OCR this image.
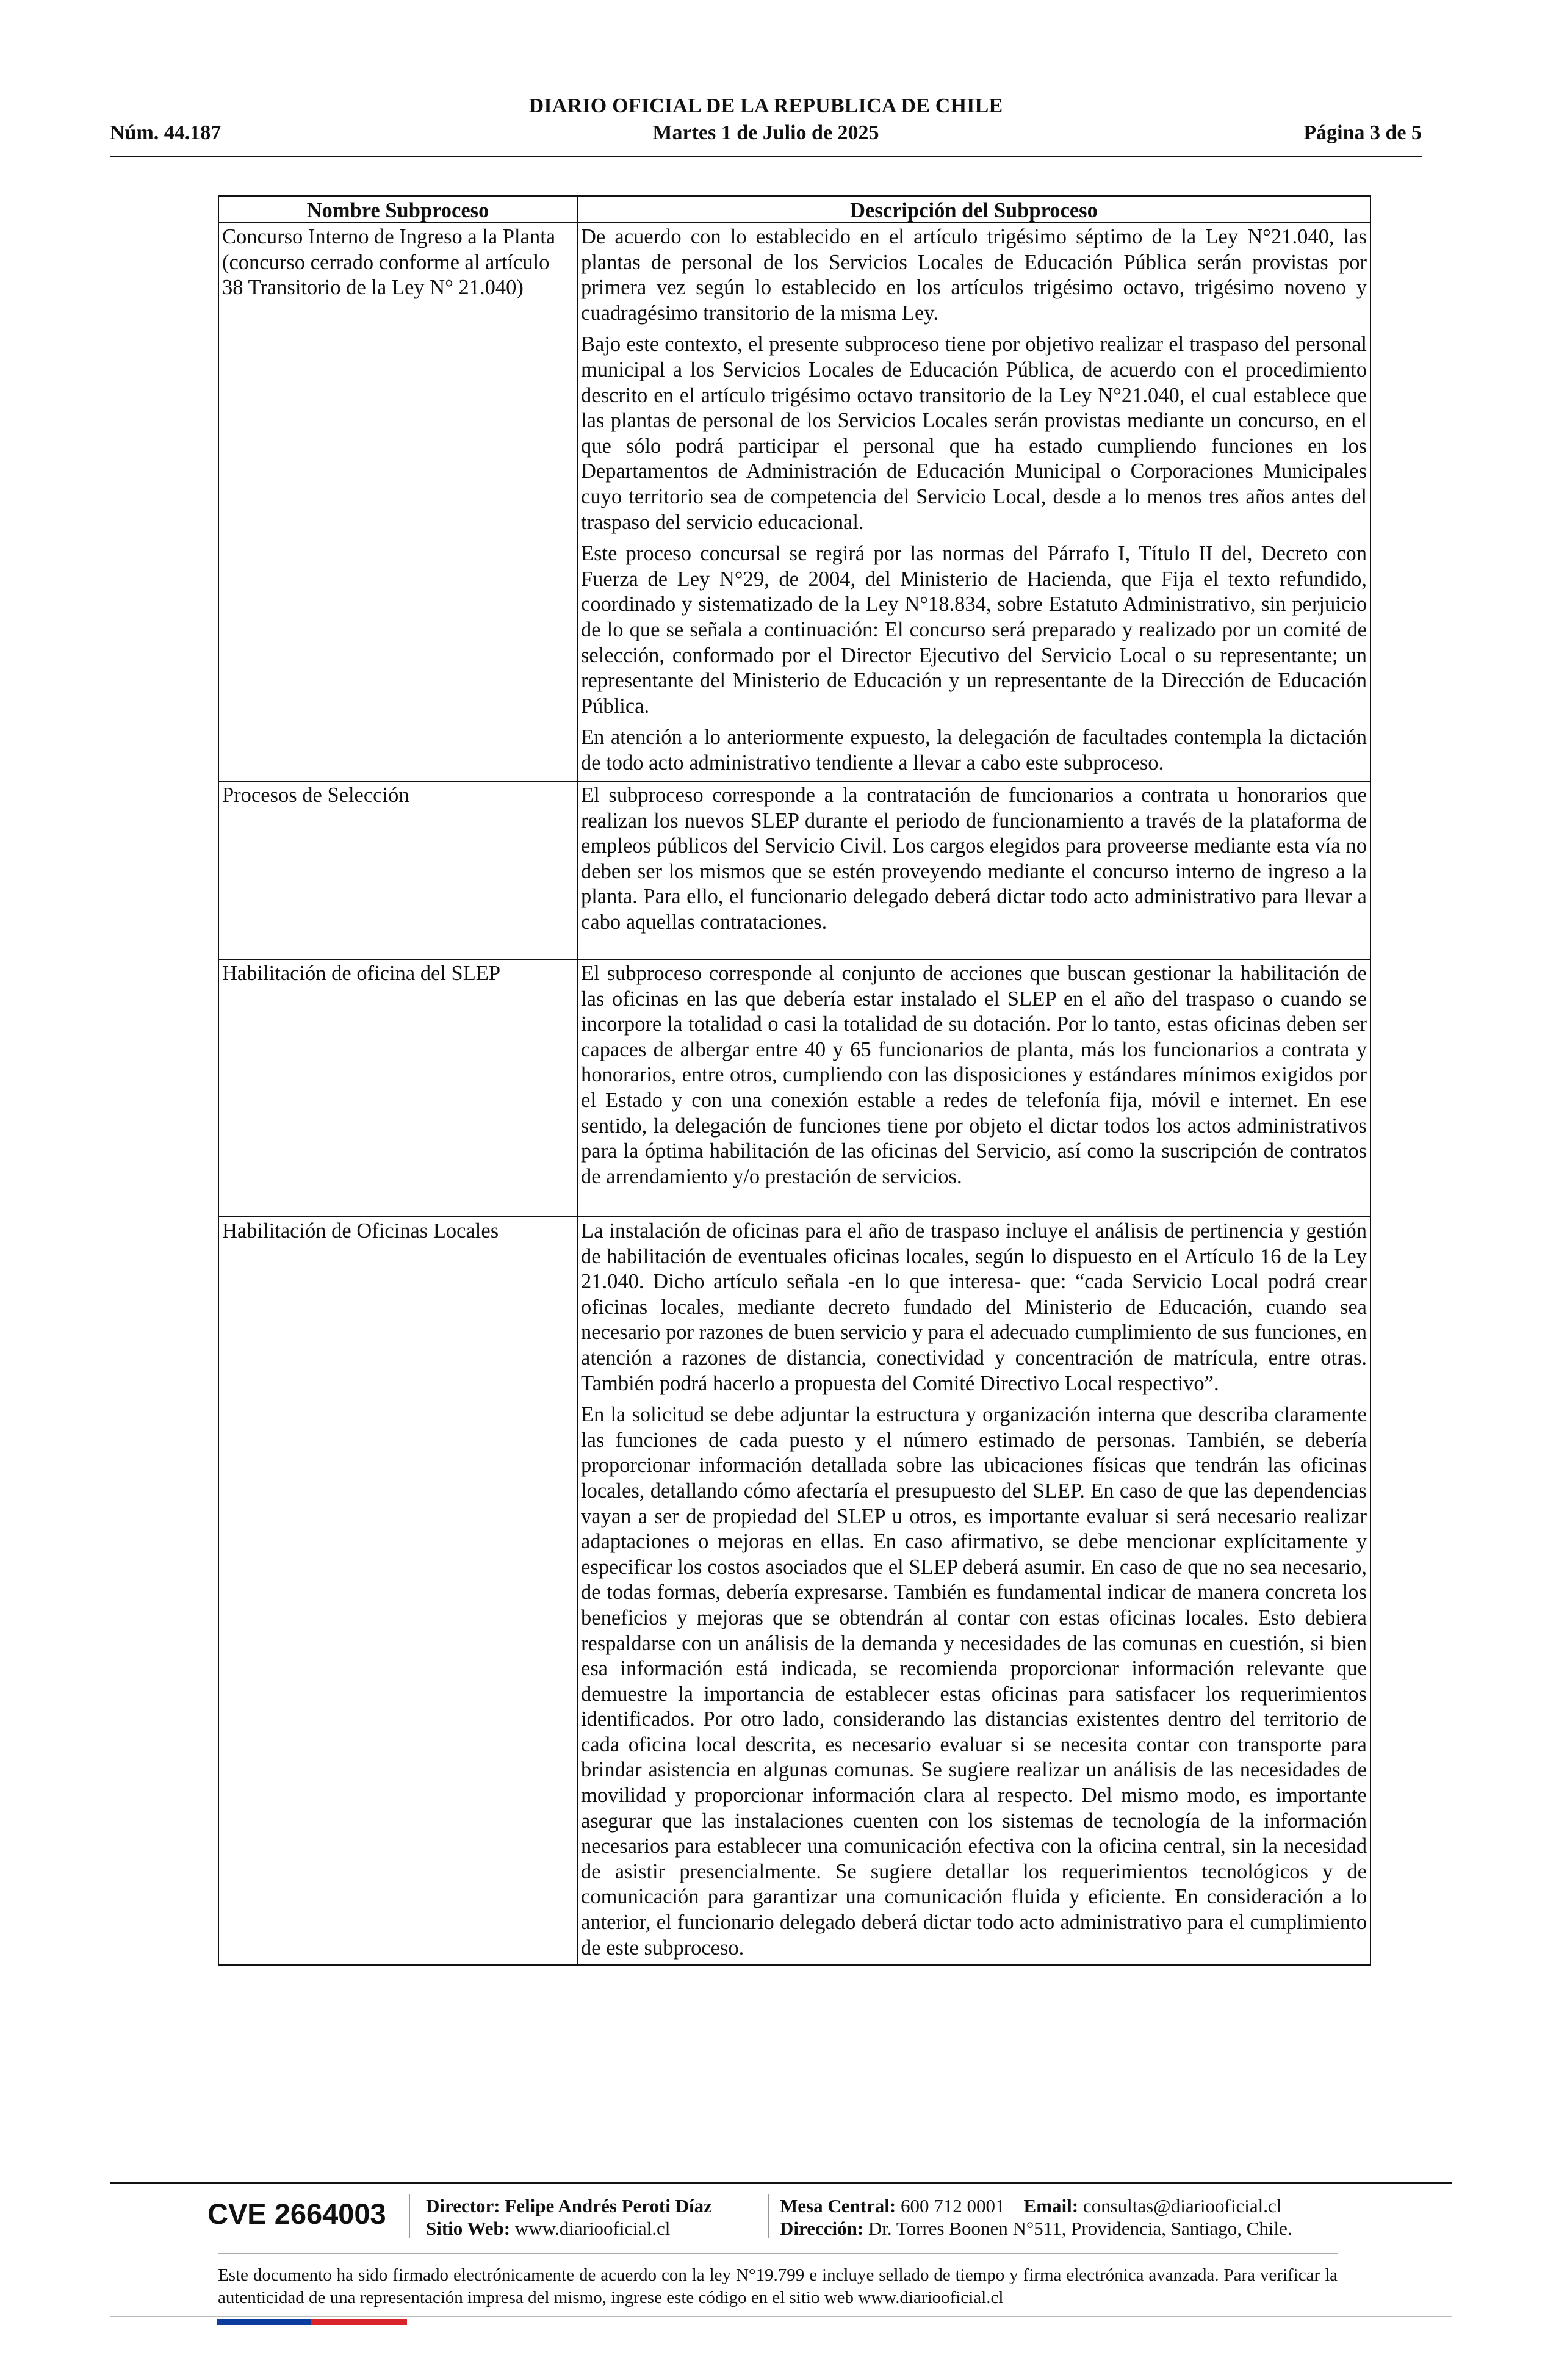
DIARIO OFICIAL DE LA REPUBLICA DE CHILE
Núm. 44.187	Martes 1 de Julio de 2025	Página 3 de 5
Nombre Subproceso	Descripción del Subproceso
Concurso Interno de Ingreso a la Planta (concurso cerrado conforme al artículo 38 Transitorio de la Ley N° 21.040)	De acuerdo con lo establecido en el artículo trigésimo séptimo de la Ley N°21.040, las plantas de personal de los Servicios Locales de Educación Pública serán provistas por primera vez según lo establecido en los artículos trigésimo octavo, trigésimo noveno y cuadragésimo transitorio de la misma Ley.

Bajo este contexto, el presente subproceso tiene por objetivo realizar el traspaso del personal municipal a los Servicios Locales de Educación Pública, de acuerdo con el procedimiento descrito en el artículo trigésimo octavo transitorio de la Ley N°21.040, el cual establece que las plantas de personal de los Servicios Locales serán provistas mediante un concurso, en el que sólo podrá participar el personal que ha estado cumpliendo funciones en los Departamentos de Administración de Educación Municipal o Corporaciones Municipales cuyo territorio sea de competencia del Servicio Local, desde a lo menos tres años antes del traspaso del servicio educacional.

Este proceso concursal se regirá por las normas del Párrafo I, Título II del, Decreto con Fuerza de Ley N°29, de 2004, del Ministerio de Hacienda, que Fija el texto refundido, coordinado y sistematizado de la Ley N°18.834, sobre Estatuto Administrativo, sin perjuicio de lo que se señala a continuación: El concurso será preparado y realizado por un comité de selección, conformado por el Director Ejecutivo del Servicio Local o su representante; un representante del Ministerio de Educación y un representante de la Dirección de Educación Pública.

En atención a lo anteriormente expuesto, la delegación de facultades contempla la dictación de todo acto administrativo tendiente a llevar a cabo este subproceso.

Procesos de Selección	El subproceso corresponde a la contratación de funcionarios a contrata u honorarios que realizan los nuevos SLEP durante el periodo de funcionamiento a través de la plataforma de empleos públicos del Servicio Civil. Los cargos elegidos para proveerse mediante esta vía no deben ser los mismos que se estén proveyendo mediante el concurso interno de ingreso a la planta. Para ello, el funcionario delegado deberá dictar todo acto administrativo para llevar a cabo aquellas contrataciones.

Habilitación de oficina del SLEP	El subproceso corresponde al conjunto de acciones que buscan gestionar la habilitación de las oficinas en las que debería estar instalado el SLEP en el año del traspaso o cuando se incorpore la totalidad o casi la totalidad de su dotación. Por lo tanto, estas oficinas deben ser capaces de albergar entre 40 y 65 funcionarios de planta, más los funcionarios a contrata y honorarios, entre otros, cumpliendo con las disposiciones y estándares mínimos exigidos por el Estado y con una conexión estable a redes de telefonía fija, móvil e internet. En ese sentido, la delegación de funciones tiene por objeto el dictar todos los actos administrativos para la óptima habilitación de las oficinas del Servicio, así como la suscripción de contratos de arrendamiento y/o prestación de servicios.

Habilitación de Oficinas Locales	La instalación de oficinas para el año de traspaso incluye el análisis de pertinencia y gestión de habilitación de eventuales oficinas locales, según lo dispuesto en el Artículo 16 de la Ley 21.040. Dicho artículo señala -en lo que interesa- que: “cada Servicio Local podrá crear oficinas locales, mediante decreto fundado del Ministerio de Educación, cuando sea necesario por razones de buen servicio y para el adecuado cumplimiento de sus funciones, en atención a razones de distancia, conectividad y concentración de matrícula, entre otras. También podrá hacerlo a propuesta del Comité Directivo Local respectivo”.

En la solicitud se debe adjuntar la estructura y organización interna que describa claramente las funciones de cada puesto y el número estimado de personas. También, se debería proporcionar información detallada sobre las ubicaciones físicas que tendrán las oficinas locales, detallando cómo afectaría el presupuesto del SLEP. En caso de que las dependencias vayan a ser de propiedad del SLEP u otros, es importante evaluar si será necesario realizar adaptaciones o mejoras en ellas. En caso afirmativo, se debe mencionar explícitamente y especificar los costos asociados que el SLEP deberá asumir. En caso de que no sea necesario, de todas formas, debería expresarse. También es fundamental indicar de manera concreta los beneficios y mejoras que se obtendrán al contar con estas oficinas locales. Esto debiera respaldarse con un análisis de la demanda y necesidades de las comunas en cuestión, si bien esa información está indicada, se recomienda proporcionar información relevante que demuestre la importancia de establecer estas oficinas para satisfacer los requerimientos identificados. Por otro lado, considerando las distancias existentes dentro del territorio de cada oficina local descrita, es necesario evaluar si se necesita contar con transporte para brindar asistencia en algunas comunas. Se sugiere realizar un análisis de las necesidades de movilidad y proporcionar información clara al respecto. Del mismo modo, es importante asegurar que las instalaciones cuenten con los sistemas de tecnología de la información necesarios para establecer una comunicación efectiva con la oficina central, sin la necesidad de asistir presencialmente. Se sugiere detallar los requerimientos tecnológicos y de comunicación para garantizar una comunicación fluida y eficiente. En consideración a lo anterior, el funcionario delegado deberá dictar todo acto administrativo para el cumplimiento de este subproceso.

CVE 2664003 Director: Felipe Andrés Peroti Díaz
Sitio Web: www.diariooficial.cl
Mesa Central: 600 712 0001 Email: consultas@diariooficial.cl
Dirección: Dr. Torres Boonen N°511, Providencia, Santiago, Chile.
Este documento ha sido firmado electrónicamente de acuerdo con la ley N°19.799 e incluye sellado de tiempo y firma electrónica avanzada. Para verificar la autenticidad de una representación impresa del mismo, ingrese este código en el sitio web www.diariooficial.cl
